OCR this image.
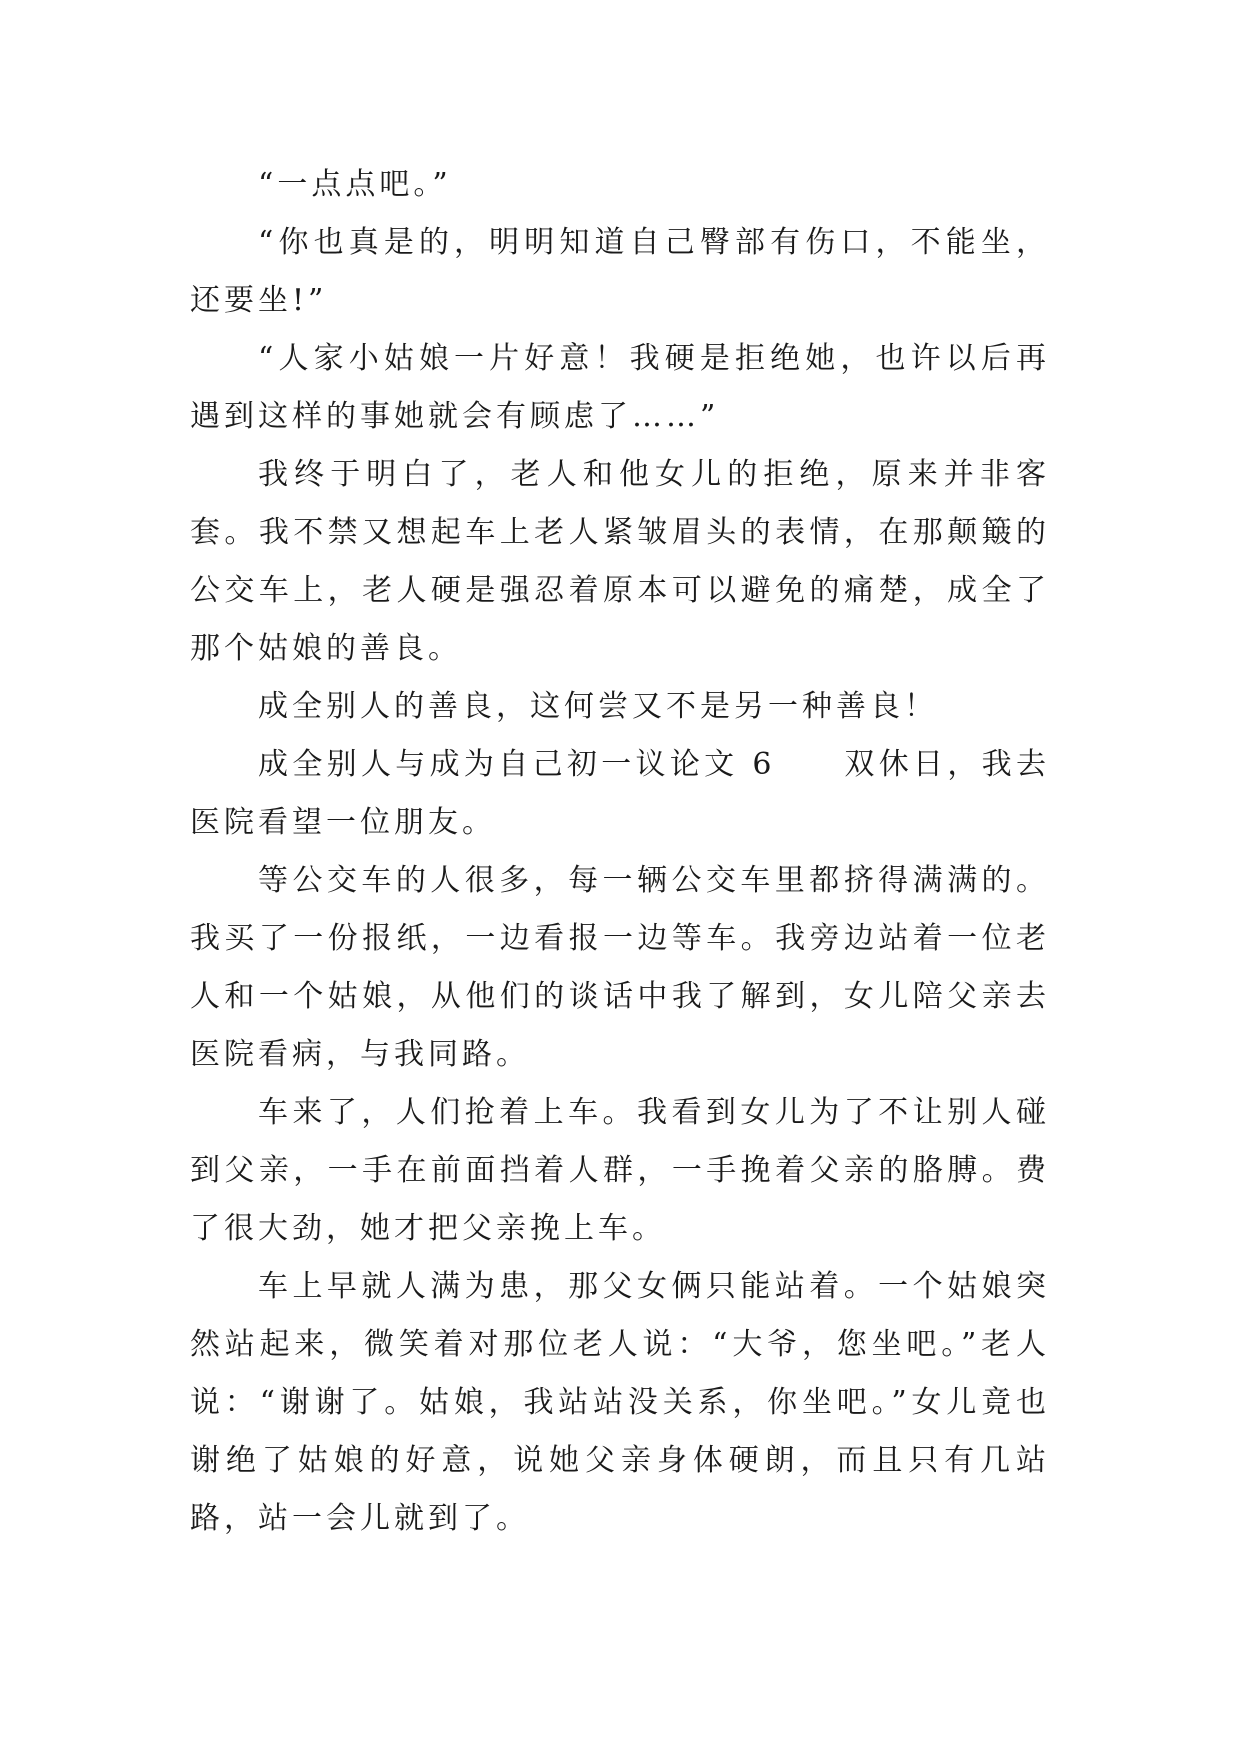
“一点点吧。”

“你也真是的，明明知道自己臀部有伤口，不能坐，还要坐!”

“人家小姑娘一片好意！我硬是拒绝她，也许以后再遇到这样的事她就会有顾虑了……”

我终于明白了，老人和他女儿的拒绝，原来并非客套。我不禁又想起车上老人紧皱眉头的表情，在那颠簸的公交车上，老人硬是强忍着原本可以避免的痛楚，成全了那个姑娘的善良。

成全别人的善良，这何尝又不是另一种善良！

成全别人与成为自己初一议论文 6　　双休日，我去医院看望一位朋友。

等公交车的人很多，每一辆公交车里都挤得满满的。我买了一份报纸，一边看报一边等车。我旁边站着一位老人和一个姑娘，从他们的谈话中我了解到，女儿陪父亲去医院看病，与我同路。

车来了，人们抢着上车。我看到女儿为了不让别人碰到父亲，一手在前面挡着人群，一手挽着父亲的胳膊。费了很大劲，她才把父亲挽上车。

车上早就人满为患，那父女俩只能站着。一个姑娘突然站起来，微笑着对那位老人说：“大爷，您坐吧。”老人说：“谢谢了。姑娘，我站站没关系，你坐吧。”女儿竟也谢绝了姑娘的好意，说她父亲身体硬朗，而且只有几站路，站一会儿就到了。
